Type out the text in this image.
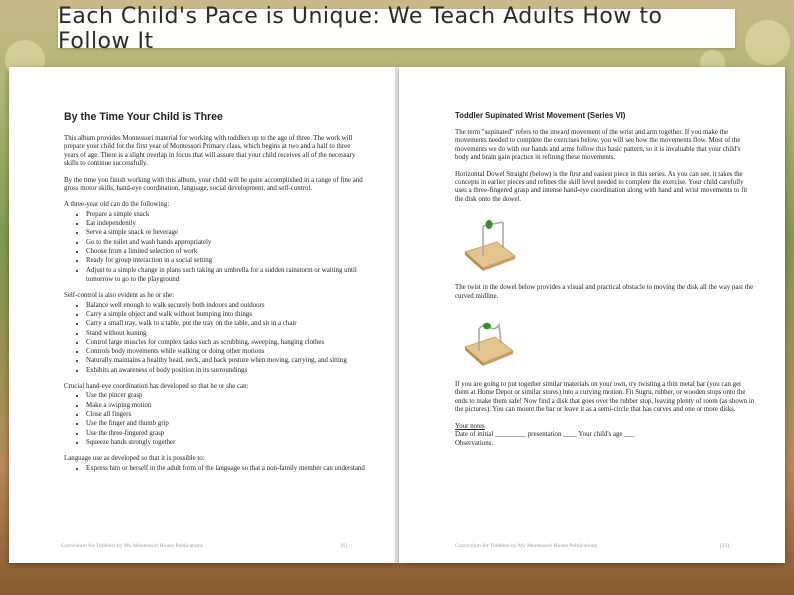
Each Child's Pace is Unique: We Teach Adults How to Follow It
By the Time Your Child is Three

This album provides Montessori material for working with toddlers up to the age of three. The work will prepare your child for the first year of Montessori Primary class, which begins at two and a half to three years of age. There is a slight overlap in focus that will assure that your child receives all of the necessary skills to continue successfully.

By the time you finish working with this album, your child will be quite accomplished in a range of fine and gross motor skills, hand-eye coordination, language, social development, and self-control.

A three-year old can do the following:

• Prepare a simple snack
• Eat independently
• Serve a simple snack or beverage
• Go to the toilet and wash hands appropriately
• Choose from a limited selection of work
• Ready for group interaction in a social setting
• Adjust to a simple change in plans such taking an umbrella for a sudden rainstorm or waiting until tomorrow to go to the playground

Self-control is also evident as he or she:

• Balance well enough to walk securely both indoors and outdoors
• Carry a simple object and walk without bumping into things
• Carry a small tray, walk to a table, put the tray on the table, and sit in a chair
• Stand without leaning
• Control large muscles for complex tasks such as scrubbing, sweeping, hanging clothes
• Controls body movements while walking or doing other motions
• Naturally maintains a healthy head, neck, and back posture when moving, carrying, and sitting
• Exhibits an awareness of body position in its surroundings

Crucial hand-eye coordination has developed so that he or she can:

• Use the pincer grasp
• Make a swiping motion
• Close all fingers
• Use the finger and thumb grip
• Use the three-fingered grasp
• Squeeze hands strongly together

Language use as developed so that it is possible to:

• Express him or herself in the adult form of the language so that a non-family member can understand
Curriculum for Toddlers by My Montessori House Publications	[6]
Toddler Supinated Wrist Movement (Series VI)

The term "supinated" refers to the inward movement of the wrist and arm together. If you make the movements needed to complete the exercises below, you will see how the movements flow. Most of the movements we do with our hands and arms follow this basic pattern, so it is invaluable that your child's body and brain gain practice in refining these movements.

Horizontal Dowel Straight (below) is the first and easiest piece in this series. As you can see, it takes the concepts in earlier pieces and refines the skill level needed to complete the exercise. Your child carefully uses a three-fingered grasp and intense hand-eye coordination along with hand and wrist movements to fit the disk onto the dowel.

The twist in the dowel below provides a visual and practical obstacle to moving the disk all the way past the curved midline.

If you are going to put together similar materials on your own, try twisting a thin metal bar (you can get them at Home Depot or similar stores) into a curving motion. Fit Sugru, rubber, or wooden stops onto the ends to make them safe! Now find a disk that goes over the rubber stop, leaving plenty of room (as shown in the pictures). You can mount the bar or leave it as a semi-circle that has curves and one or more disks.

Your notes
Date of initial _________ presentation ____ Your child's age ___
Observations:
Curriculum for Toddlers by My Montessori House Publications	[33]
